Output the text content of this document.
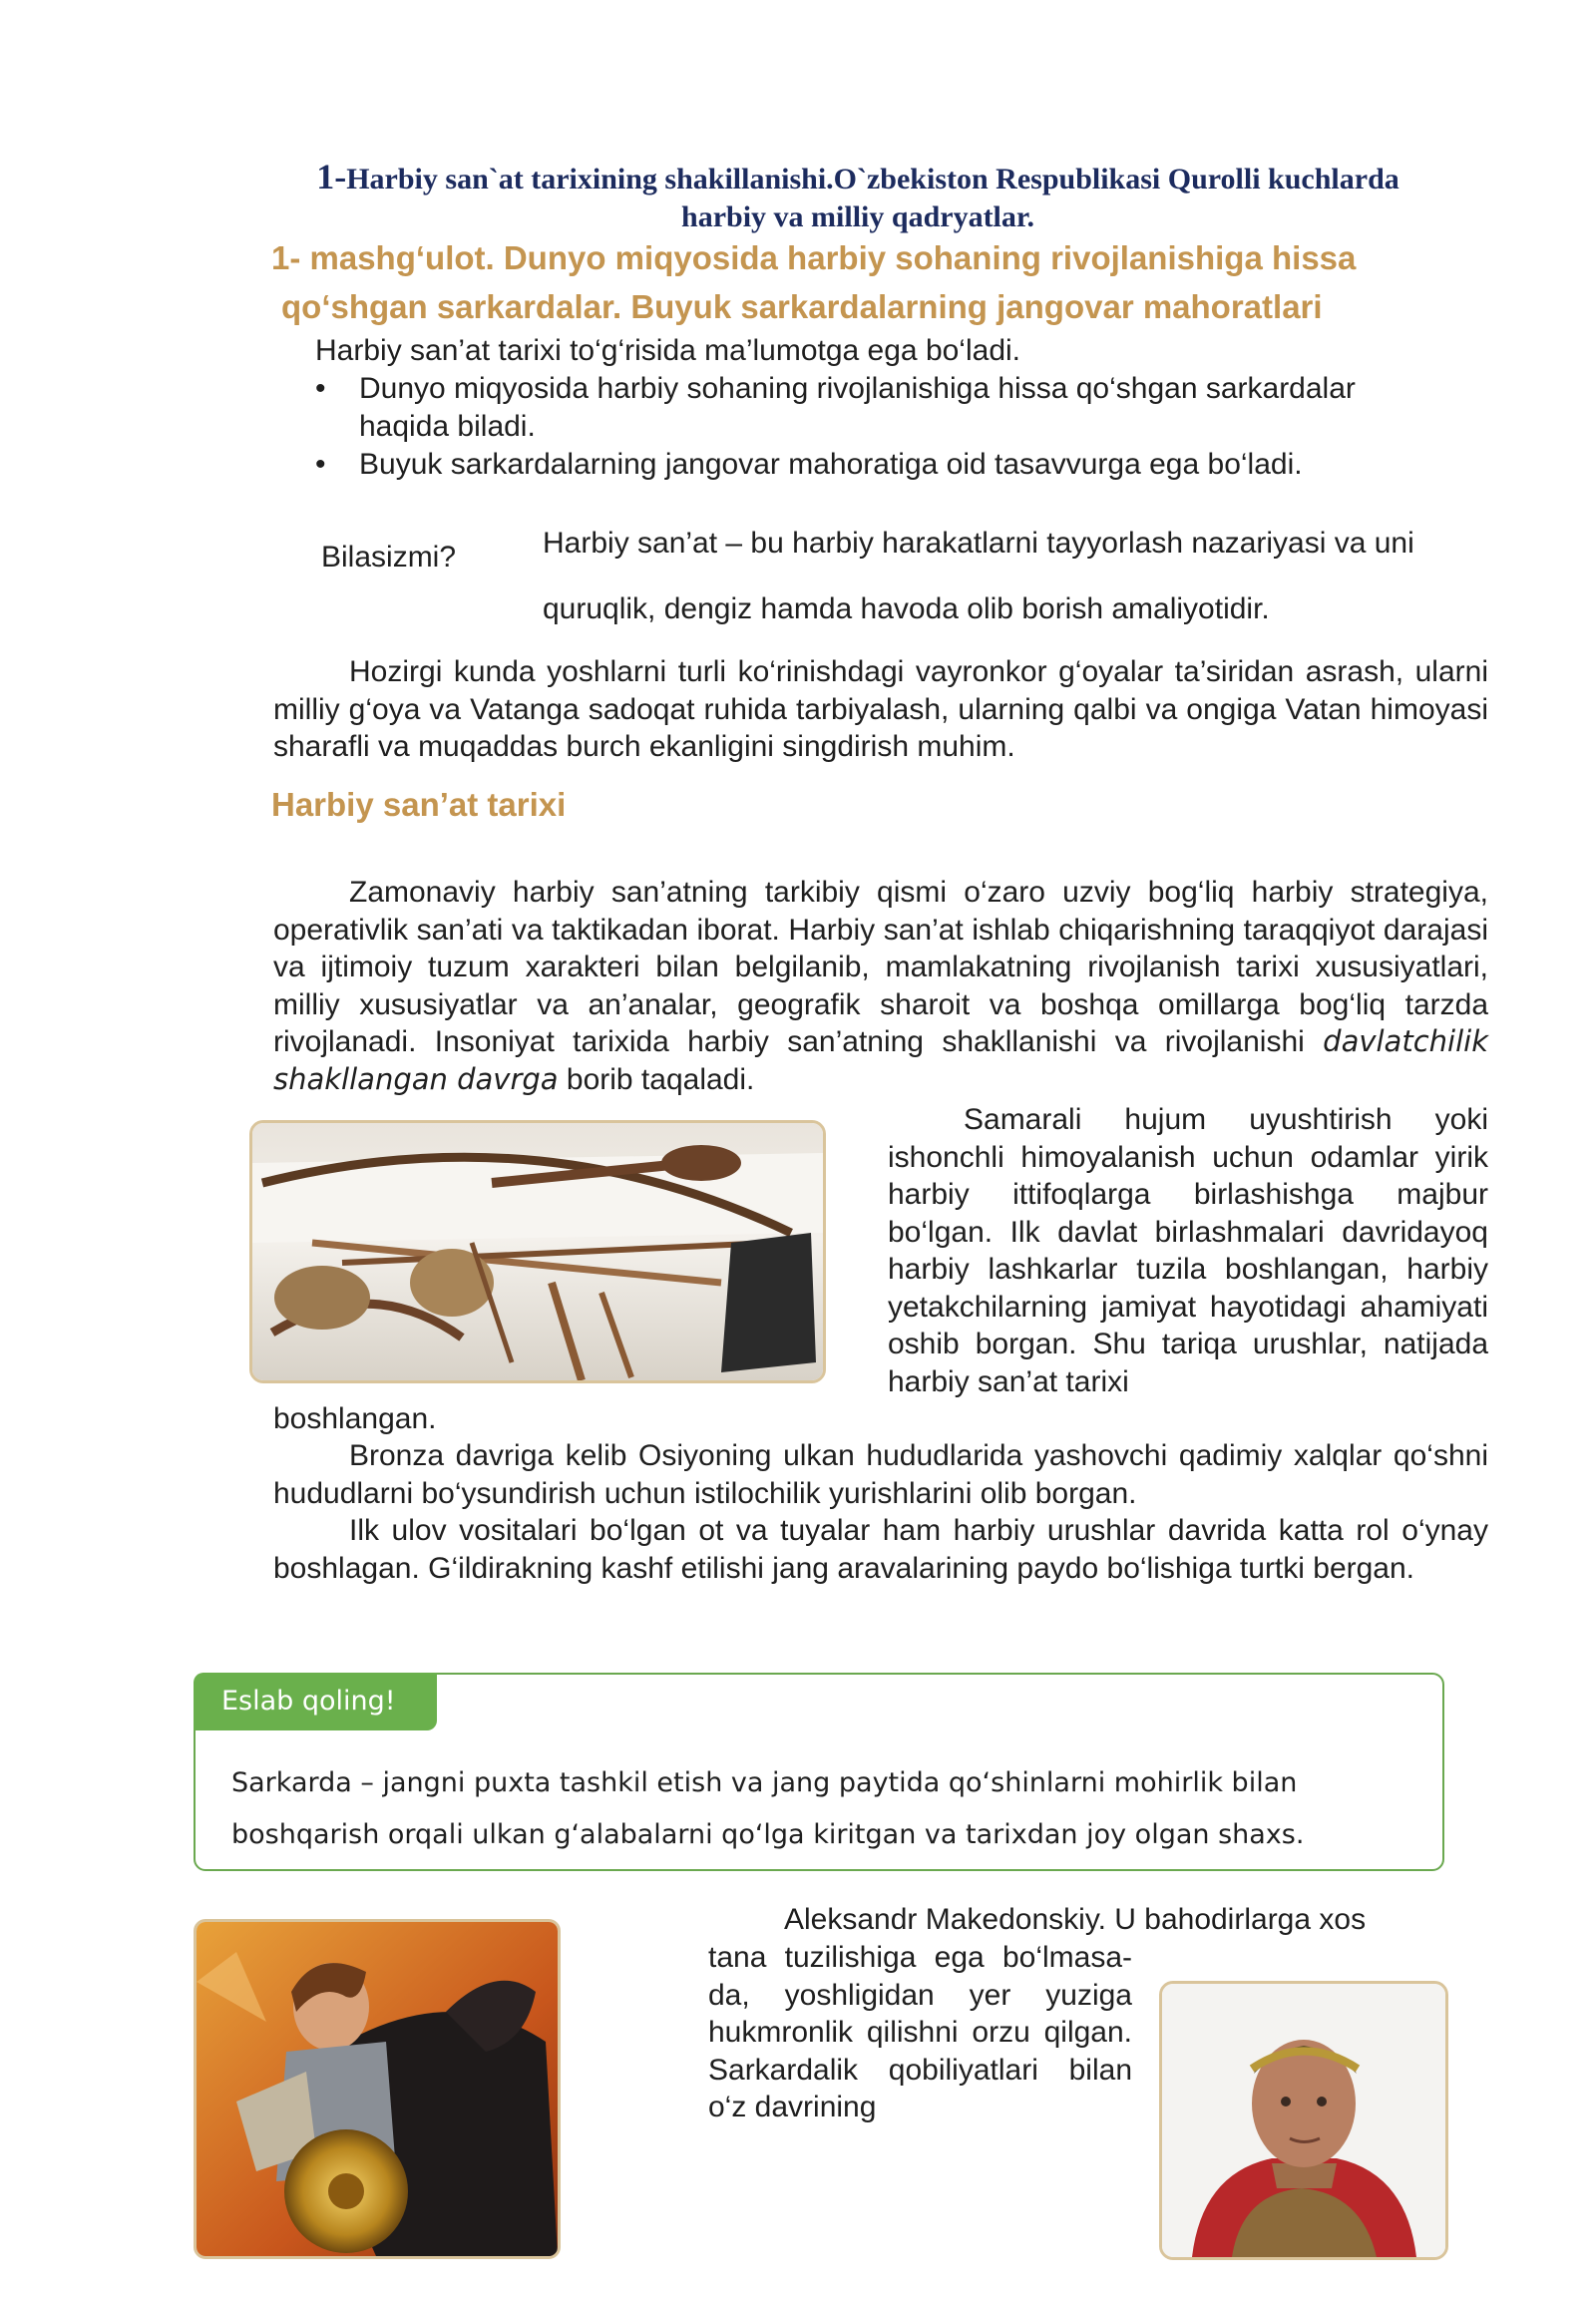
1-Harbiy san`at tarixining shakillanishi.O`zbekiston Respublikasi Qurolli kuchlarda
harbiy va milliy qadryatlar.
1- mashg‘ulot. Dunyo miqyosida harbiy sohaning rivojlanishiga hissa
qo‘shgan sarkardalar. Buyuk sarkardalarning jangovar mahoratlari
Harbiy san’at tarixi to‘g‘risida ma’lumotga ega bo‘ladi.
• Dunyo miqyosida harbiy sohaning rivojlanishiga hissa qo‘shgan sarkardalar haqida biladi.
• Buyuk sarkardalarning jangovar mahoratiga oid tasavvurga ega bo‘ladi.
Bilasizmi?	Harbiy san’at – bu harbiy harakatlarni tayyorlash nazariyasi va uni
quruqlik, dengiz hamda havoda olib borish amaliyotidir.
Hozirgi kunda yoshlarni turli ko‘rinishdagi vayronkor g‘oyalar ta’siridan asrash, ularni milliy g‘oya va Vatanga sadoqat ruhida tarbiyalash, ularning qalbi va ongiga Vatan himoyasi sharafli va muqaddas burch ekanligini singdirish muhim.
Harbiy san’at tarixi
Zamonaviy harbiy san’atning tarkibiy qismi o‘zaro uzviy bog‘liq harbiy strategiya, operativlik san’ati va taktikadan iborat. Harbiy san’at ishlab chiqarishning taraqqiyot darajasi va ijtimoiy tuzum xarakteri bilan belgilanib, mamlakatning rivojlanish tarixi xususiyatlari, milliy xususiyatlar va an’analar, geografik sharoit va boshqa omillarga bog‘liq tarzda rivojlanadi. Insoniyat tarixida harbiy san’atning shakllanishi va rivojlanishi davlatchilik shakllangan davrga borib taqaladi.
Samarali hujum uyushtirish yoki ishonchli himoyalanish uchun odamlar yirik harbiy ittifoqlarga birlashishga majbur bo‘lgan. Ilk davlat birlashmalari davridayoq harbiy lashkarlar tuzila boshlangan, harbiy yetakchilarning jamiyat hayotidagi ahamiyati oshib borgan. Shu tariqa urushlar, natijada harbiy san’at tarixi
boshlangan.
Bronza davriga kelib Osiyoning ulkan hududlarida yashovchi qadimiy xalqlar qo‘shni hududlarni bo‘ysundirish uchun istilochilik yurishlarini olib borgan.
Ilk ulov vositalari bo‘lgan ot va tuyalar ham harbiy urushlar davrida katta rol o‘ynay boshlagan. G‘ildirakning kashf etilishi jang aravalarining paydo bo‘lishiga turtki bergan.
Eslab qoling!
Sarkarda – jangni puxta tashkil etish va jang paytida qo‘shinlarni mohirlik bilan boshqarish orqali ulkan g‘alabalarni qo‘lga kiritgan va tarixdan joy olgan shaxs.
Aleksandr Makedonskiy. U bahodirlarga xos
tana tuzilishiga ega bo‘lmasa- da, yoshligidan yer yuziga hukmronlik qilishni orzu qilgan. Sarkardalik qobiliyatlari bilan o‘z davrining
